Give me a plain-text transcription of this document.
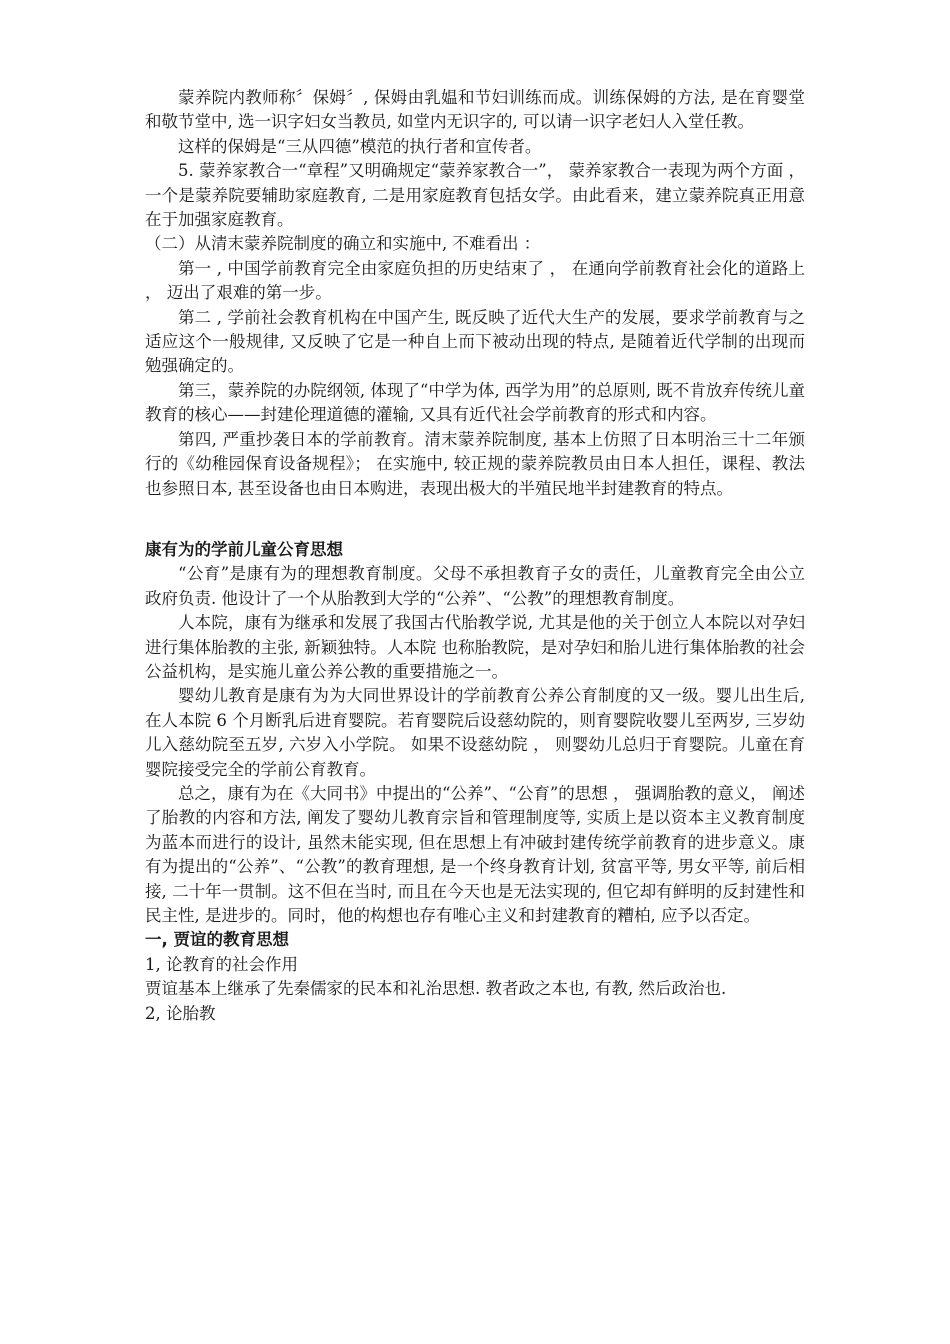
蒙养院内教师称〞保姆〞, 保姆由乳媪和节妇训练而成。训练保姆的方法, 是在育婴堂和敬节堂中, 选一识字妇女当教员, 如堂内无识字的, 可以请一识字老妇人入堂任教。

这样的保姆是“三从四德”模范的执行者和宣传者。

5. 蒙养家教合一“章程”又明确规定“蒙养家教合一”， 蒙养家教合一表现为两个方面 ， 一个是蒙养院要辅助家庭教育, 二是用家庭教育包括女学。由此看来，建立蒙养院真正用意在于加强家庭教育。

（二）从清末蒙养院制度的确立和实施中, 不难看出 ：

第一 , 中国学前教育完全由家庭负担的历史结束了 ， 在通向学前教育社会化的道路上 ， 迈出了艰难的第一步。

第二 , 学前社会教育机构在中国产生, 既反映了近代大生产的发展，要求学前教育与之适应这个一般规律, 又反映了它是一种自上而下被动出现的特点, 是随着近代学制的出现而勉强确定的。

第三，蒙养院的办院纲领, 体现了“中学为体, 西学为用”的总原则, 既不肯放弃传统儿童教育的核心——封建伦理道德的灌输, 又具有近代社会学前教育的形式和内容。

第四, 严重抄袭日本的学前教育。清末蒙养院制度, 基本上仿照了日本明治三十二年颁行的《幼稚园保育设备规程》； 在实施中, 较正规的蒙养院教员由日本人担任，课程、教法也参照日本, 甚至设备也由日本购进，表现出极大的半殖民地半封建教育的特点。

康有为的学前儿童公育思想

“公育”是康有为的理想教育制度。父母不承担教育子女的责任，儿童教育完全由公立政府负责. 他设计了一个从胎教到大学的“公养”、“公教”的理想教育制度。

人本院，康有为继承和发展了我国古代胎教学说, 尤其是他的关于创立人本院以对孕妇进行集体胎教的主张, 新颖独特。人本院 也称胎教院，是对孕妇和胎儿进行集体胎教的社会公益机构，是实施儿童公养公教的重要措施之一。

婴幼儿教育是康有为为大同世界设计的学前教育公养公育制度的又一级。婴儿出生后, 在人本院 6 个月断乳后进育婴院。若育婴院后设慈幼院的，则育婴院收婴儿至两岁, 三岁幼儿入慈幼院至五岁, 六岁入小学院。 如果不设慈幼院 ， 则婴幼儿总归于育婴院。儿童在育婴院接受完全的学前公育教育。

总之，康有为在《大同书》中提出的“公养”、“公育”的思想 ， 强调胎教的意义， 阐述了胎教的内容和方法, 阐发了婴幼儿教育宗旨和管理制度等, 实质上是以资本主义教育制度为蓝本而进行的设计, 虽然未能实现, 但在思想上有冲破封建传统学前教育的进步意义。康有为提出的“公养”、“公教”的教育理想, 是一个终身教育计划, 贫富平等, 男女平等, 前后相接, 二十年一贯制。这不但在当时, 而且在今天也是无法实现的, 但它却有鲜明的反封建性和民主性, 是进步的。同时，他的构想也存有唯心主义和封建教育的糟柏, 应予以否定。

一, 贾谊的教育思想

1, 论教育的社会作用

贾谊基本上继承了先秦儒家的民本和礼治思想. 教者政之本也, 有教, 然后政治也.

2, 论胎教
